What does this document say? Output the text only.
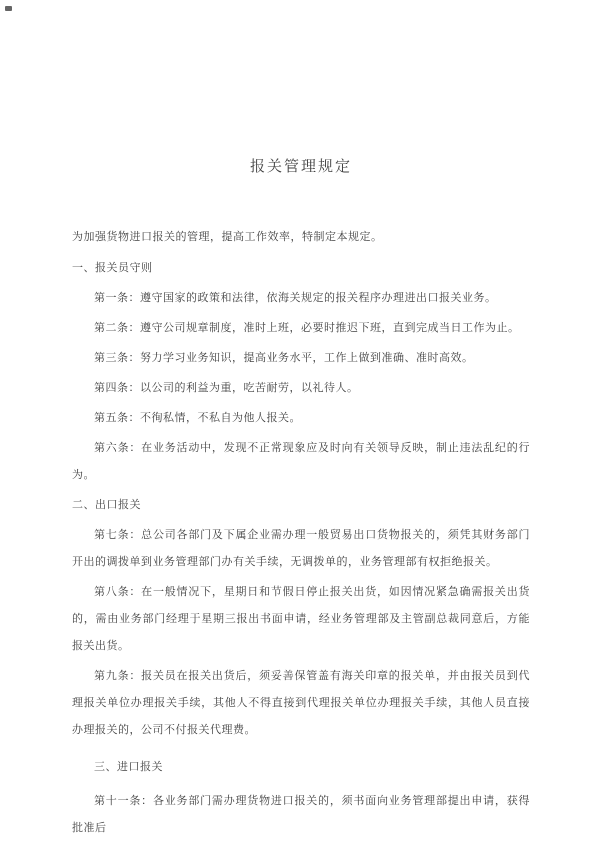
报关管理规定

为加强货物进口报关的管理，提高工作效率，特制定本规定。

一、报关员守则

第一条：遵守国家的政策和法律，依海关规定的报关程序办理进出口报关业务。

第二条：遵守公司规章制度，准时上班，必要时推迟下班，直到完成当日工作为止。

第三条：努力学习业务知识，提高业务水平，工作上做到准确、准时高效。

第四条：以公司的利益为重，吃苦耐劳，以礼待人。

第五条：不徇私情，不私自为他人报关。

第六条：在业务活动中，发现不正常现象应及时向有关领导反映，制止违法乱纪的行为。

二、出口报关

第七条：总公司各部门及下属企业需办理一般贸易出口货物报关的，须凭其财务部门开出的调拨单到业务管理部门办有关手续，无调拨单的，业务管理部有权拒绝报关。

第八条：在一般情况下，星期日和节假日停止报关出货，如因情况紧急确需报关出货的，需由业务部门经理于星期三报出书面申请，经业务管理部及主管副总裁同意后，方能报关出货。

第九条：报关员在报关出货后，须妥善保管盖有海关印章的报关单，并由报关员到代理报关单位办理报关手续，其他人不得直接到代理报关单位办理报关手续，其他人员直接办理报关的，公司不付报关代理费。

三、进口报关

第十一条：各业务部门需办理货物进口报关的，须书面向业务管理部提出申请，获得批准后
